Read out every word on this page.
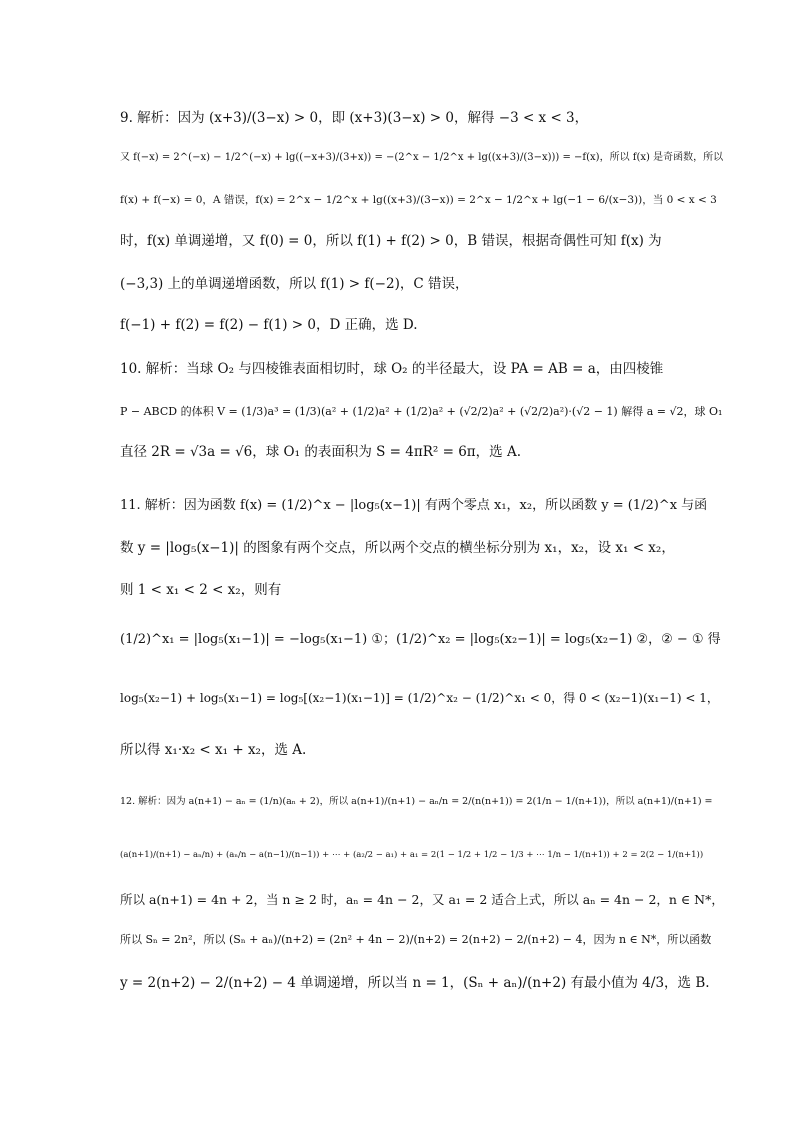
9. 解析：因为 (x+3)/(3−x) > 0，即 (x+3)(3−x) > 0，解得 −3 < x < 3，
又 f(−x) = 2^(−x) − 1/2^(−x) + lg((−x+3)/(3+x)) = −(2^x − 1/2^x + lg((x+3)/(3−x))) = −f(x)，所以 f(x) 是奇函数，所以
f(x) + f(−x) = 0，A 错误，f(x) = 2^x − 1/2^x + lg((x+3)/(3−x)) = 2^x − 1/2^x + lg(−1 − 6/(x−3))，当 0 < x < 3
时，f(x) 单调递增，又 f(0) = 0，所以 f(1) + f(2) > 0，B 错误，根据奇偶性可知 f(x) 为
(−3,3) 上的单调递增函数，所以 f(1) > f(−2)，C 错误，
f(−1) + f(2) = f(2) − f(1) > 0，D 正确，选 D.
10. 解析：当球 O₂ 与四棱锥表面相切时，球 O₂ 的半径最大，设 PA = AB = a，由四棱锥
P − ABCD 的体积 V = (1/3)a³ = (1/3)(a² + (1/2)a² + (1/2)a² + (√2/2)a² + (√2/2)a²)·(√2 − 1) 解得 a = √2，球 O₁
直径 2R = √3a = √6，球 O₁ 的表面积为 S = 4πR² = 6π，选 A.
11. 解析：因为函数 f(x) = (1/2)^x − |log₅(x−1)| 有两个零点 x₁，x₂，所以函数 y = (1/2)^x 与函
数 y = |log₅(x−1)| 的图象有两个交点，所以两个交点的横坐标分别为 x₁，x₂，设 x₁ < x₂，
则 1 < x₁ < 2 < x₂，则有
(1/2)^x₁ = |log₅(x₁−1)| = −log₅(x₁−1) ①；(1/2)^x₂ = |log₅(x₂−1)| = log₅(x₂−1) ②，② − ① 得
log₅(x₂−1) + log₅(x₁−1) = log₅[(x₂−1)(x₁−1)] = (1/2)^x₂ − (1/2)^x₁ < 0，得 0 < (x₂−1)(x₁−1) < 1，
所以得 x₁·x₂ < x₁ + x₂，选 A.
12. 解析：因为 a(n+1) − aₙ = (1/n)(aₙ + 2)，所以 a(n+1)/(n+1) − aₙ/n = 2/(n(n+1)) = 2(1/n − 1/(n+1))，所以 a(n+1)/(n+1) =
(a(n+1)/(n+1) − aₙ/n) + (aₙ/n − a(n−1)/(n−1)) + ⋯ + (a₂/2 − a₁) + a₁ = 2(1 − 1/2 + 1/2 − 1/3 + ⋯ 1/n − 1/(n+1)) + 2 = 2(2 − 1/(n+1))
所以 a(n+1) = 4n + 2，当 n ≥ 2 时，aₙ = 4n − 2，又 a₁ = 2 适合上式，所以 aₙ = 4n − 2，n ∈ N*，
所以 Sₙ = 2n²，所以 (Sₙ + aₙ)/(n+2) = (2n² + 4n − 2)/(n+2) = 2(n+2) − 2/(n+2) − 4，因为 n ∈ N*，所以函数
y = 2(n+2) − 2/(n+2) − 4 单调递增，所以当 n = 1，(Sₙ + aₙ)/(n+2) 有最小值为 4/3，选 B.
